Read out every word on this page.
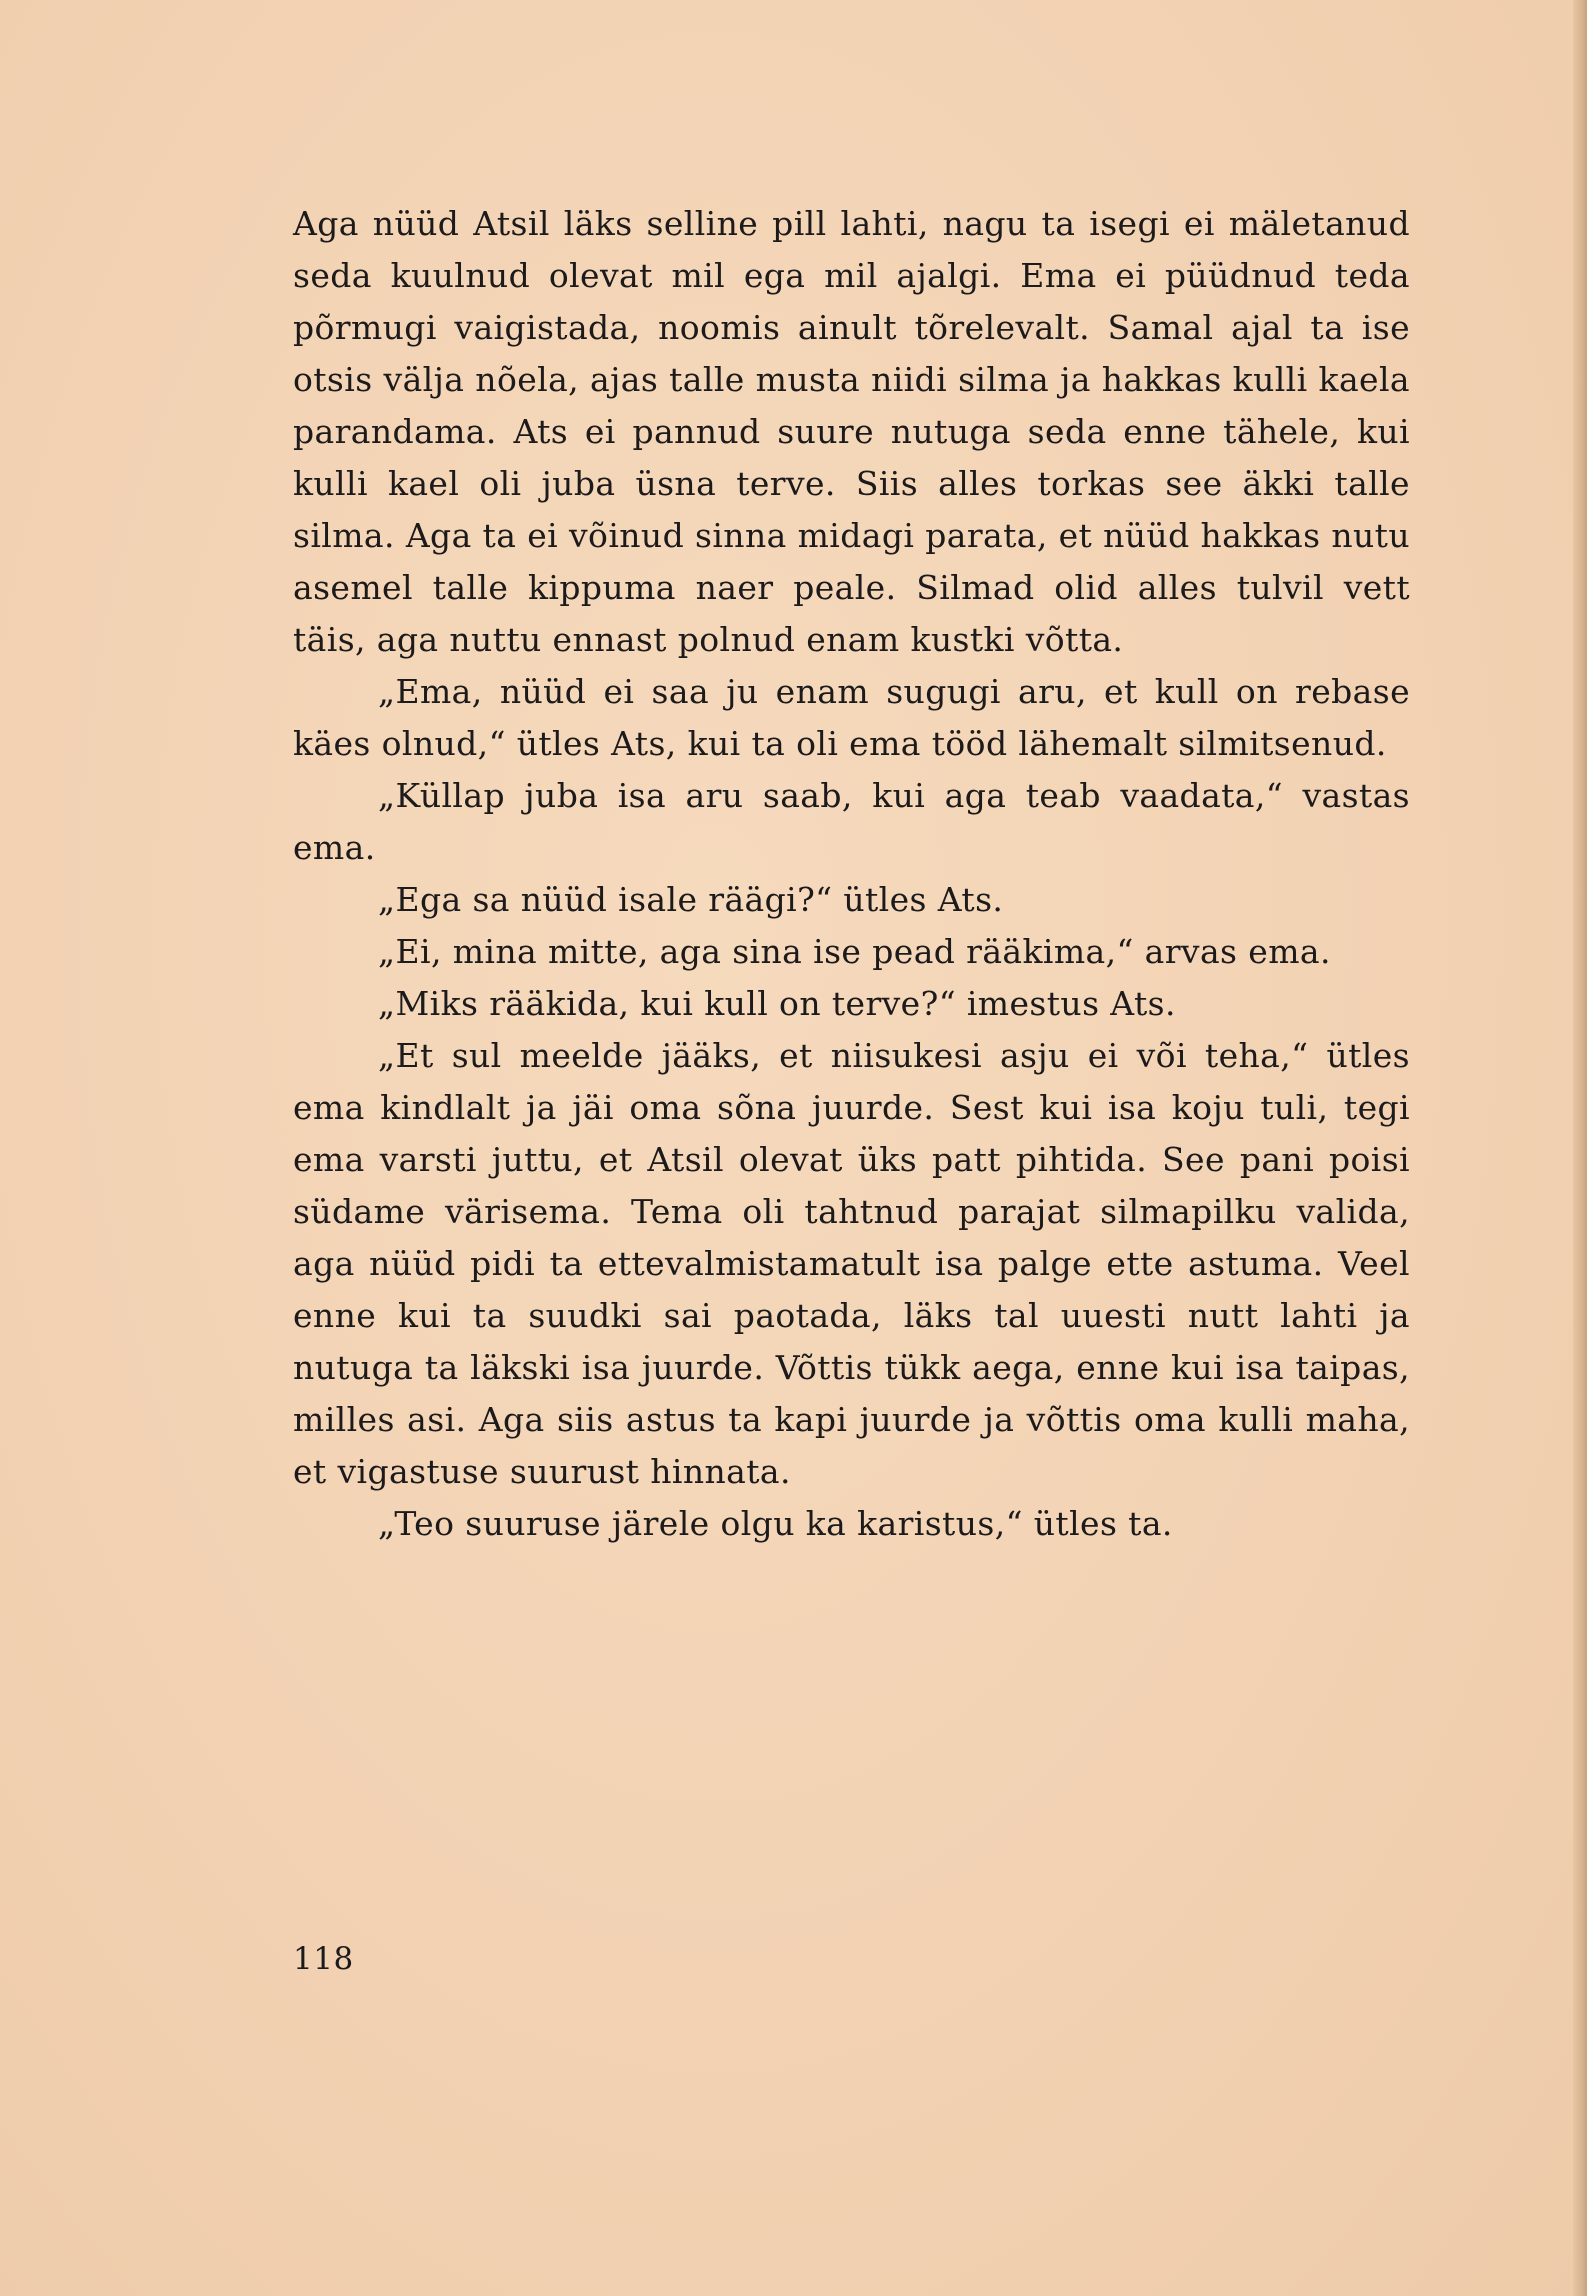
Aga nüüd Atsil läks selline pill lahti, nagu ta isegi ei mäletanud seda kuulnud olevat mil ega mil ajalgi. Ema ei püüdnud teda põrmugi vaigistada, noomis ainult tõrelevalt. Samal ajal ta ise otsis välja nõela, ajas talle musta niidi silma ja hakkas kulli kaela parandama. Ats ei pannud suure nutuga seda enne tähele, kui kulli kael oli juba üsna terve. Siis alles torkas see äkki talle silma. Aga ta ei võinud sinna midagi parata, et nüüd hakkas nutu asemel talle kippuma naer peale. Silmad olid alles tulvil vett täis, aga nuttu ennast polnud enam kustki võtta.

„Ema, nüüd ei saa ju enam sugugi aru, et kull on rebase käes olnud,“ ütles Ats, kui ta oli ema tööd lähemalt silmitsenud.

„Küllap juba isa aru saab, kui aga teab vaadata,“ vastas ema.

„Ega sa nüüd isale räägi?“ ütles Ats.

„Ei, mina mitte, aga sina ise pead rääkima,“ arvas ema.

„Miks rääkida, kui kull on terve?“ imestus Ats.

„Et sul meelde jääks, et niisukesi asju ei või teha,“ ütles ema kindlalt ja jäi oma sõna juurde. Sest kui isa koju tuli, tegi ema varsti juttu, et Atsil olevat üks patt pihtida. See pani poisi südame värisema. Tema oli tahtnud parajat silmapilku valida, aga nüüd pidi ta ettevalmistamatult isa palge ette astuma. Veel enne kui ta suudki sai paotada, läks tal uuesti nutt lahti ja nutuga ta läkski isa juurde. Võttis tükk aega, enne kui isa taipas, milles asi. Aga siis astus ta kapi juurde ja võttis oma kulli maha, et vigastuse suurust hinnata.

„Teo suuruse järele olgu ka karistus,“ ütles ta.

118
